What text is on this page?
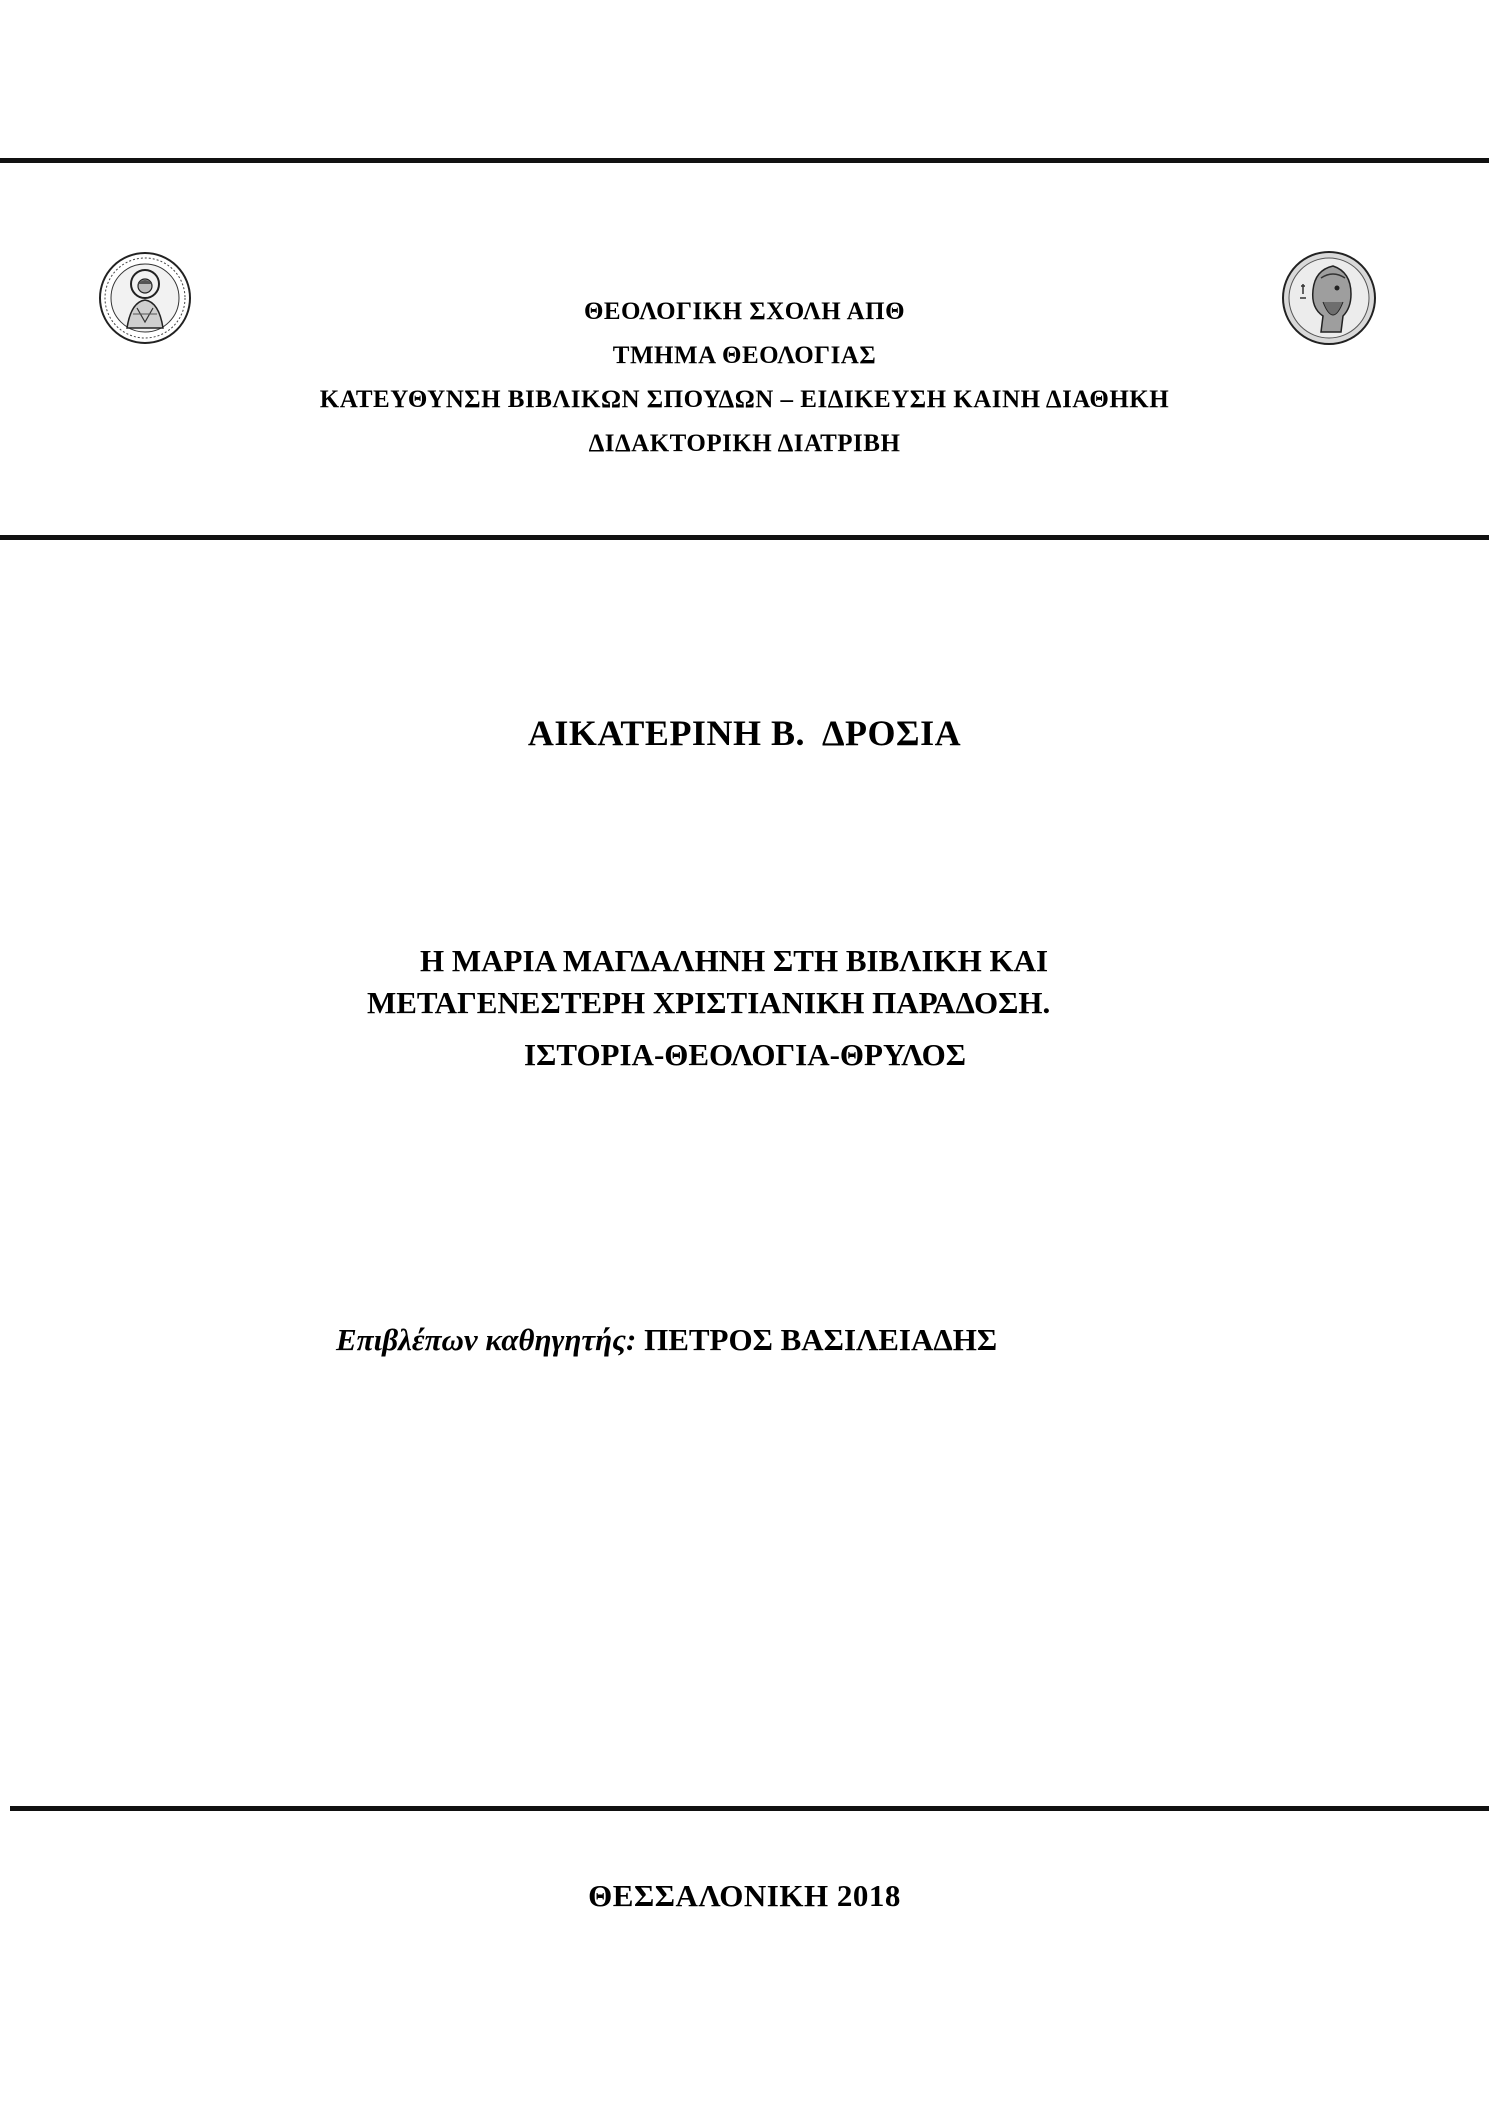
ΘΕΟΛΟΓΙΚΗ ΣΧΟΛΗ ΑΠΘ
ΤΜΗΜΑ ΘΕΟΛΟΓΙΑΣ
ΚΑΤΕΥΘΥΝΣΗ ΒΙΒΛΙΚΩΝ ΣΠΟΥΔΩΝ – ΕΙΔΙΚΕΥΣΗ ΚΑΙΝΗ ΔΙΑΘΗΚΗ
ΔΙΔΑΚΤΟΡΙΚΗ ΔΙΑΤΡΙΒΗ
ΑΙΚΑΤΕΡΙΝΗ Β.  ΔΡΟΣΙΑ
Η ΜΑΡΙΑ ΜΑΓΔΑΛΗΝΗ ΣΤΗ ΒΙΒΛΙΚΗ ΚΑΙ
ΜΕΤΑΓΕΝΕΣΤΕΡΗ ΧΡΙΣΤΙΑΝΙΚΗ ΠΑΡΑΔΟΣΗ.
ΙΣΤΟΡΙΑ-ΘΕΟΛΟΓΙΑ-ΘΡΥΛΟΣ
Επιβλέπων καθηγητής: ΠΕΤΡΟΣ ΒΑΣΙΛΕΙΑΔΗΣ
ΘΕΣΣΑΛΟΝΙΚΗ 2018
